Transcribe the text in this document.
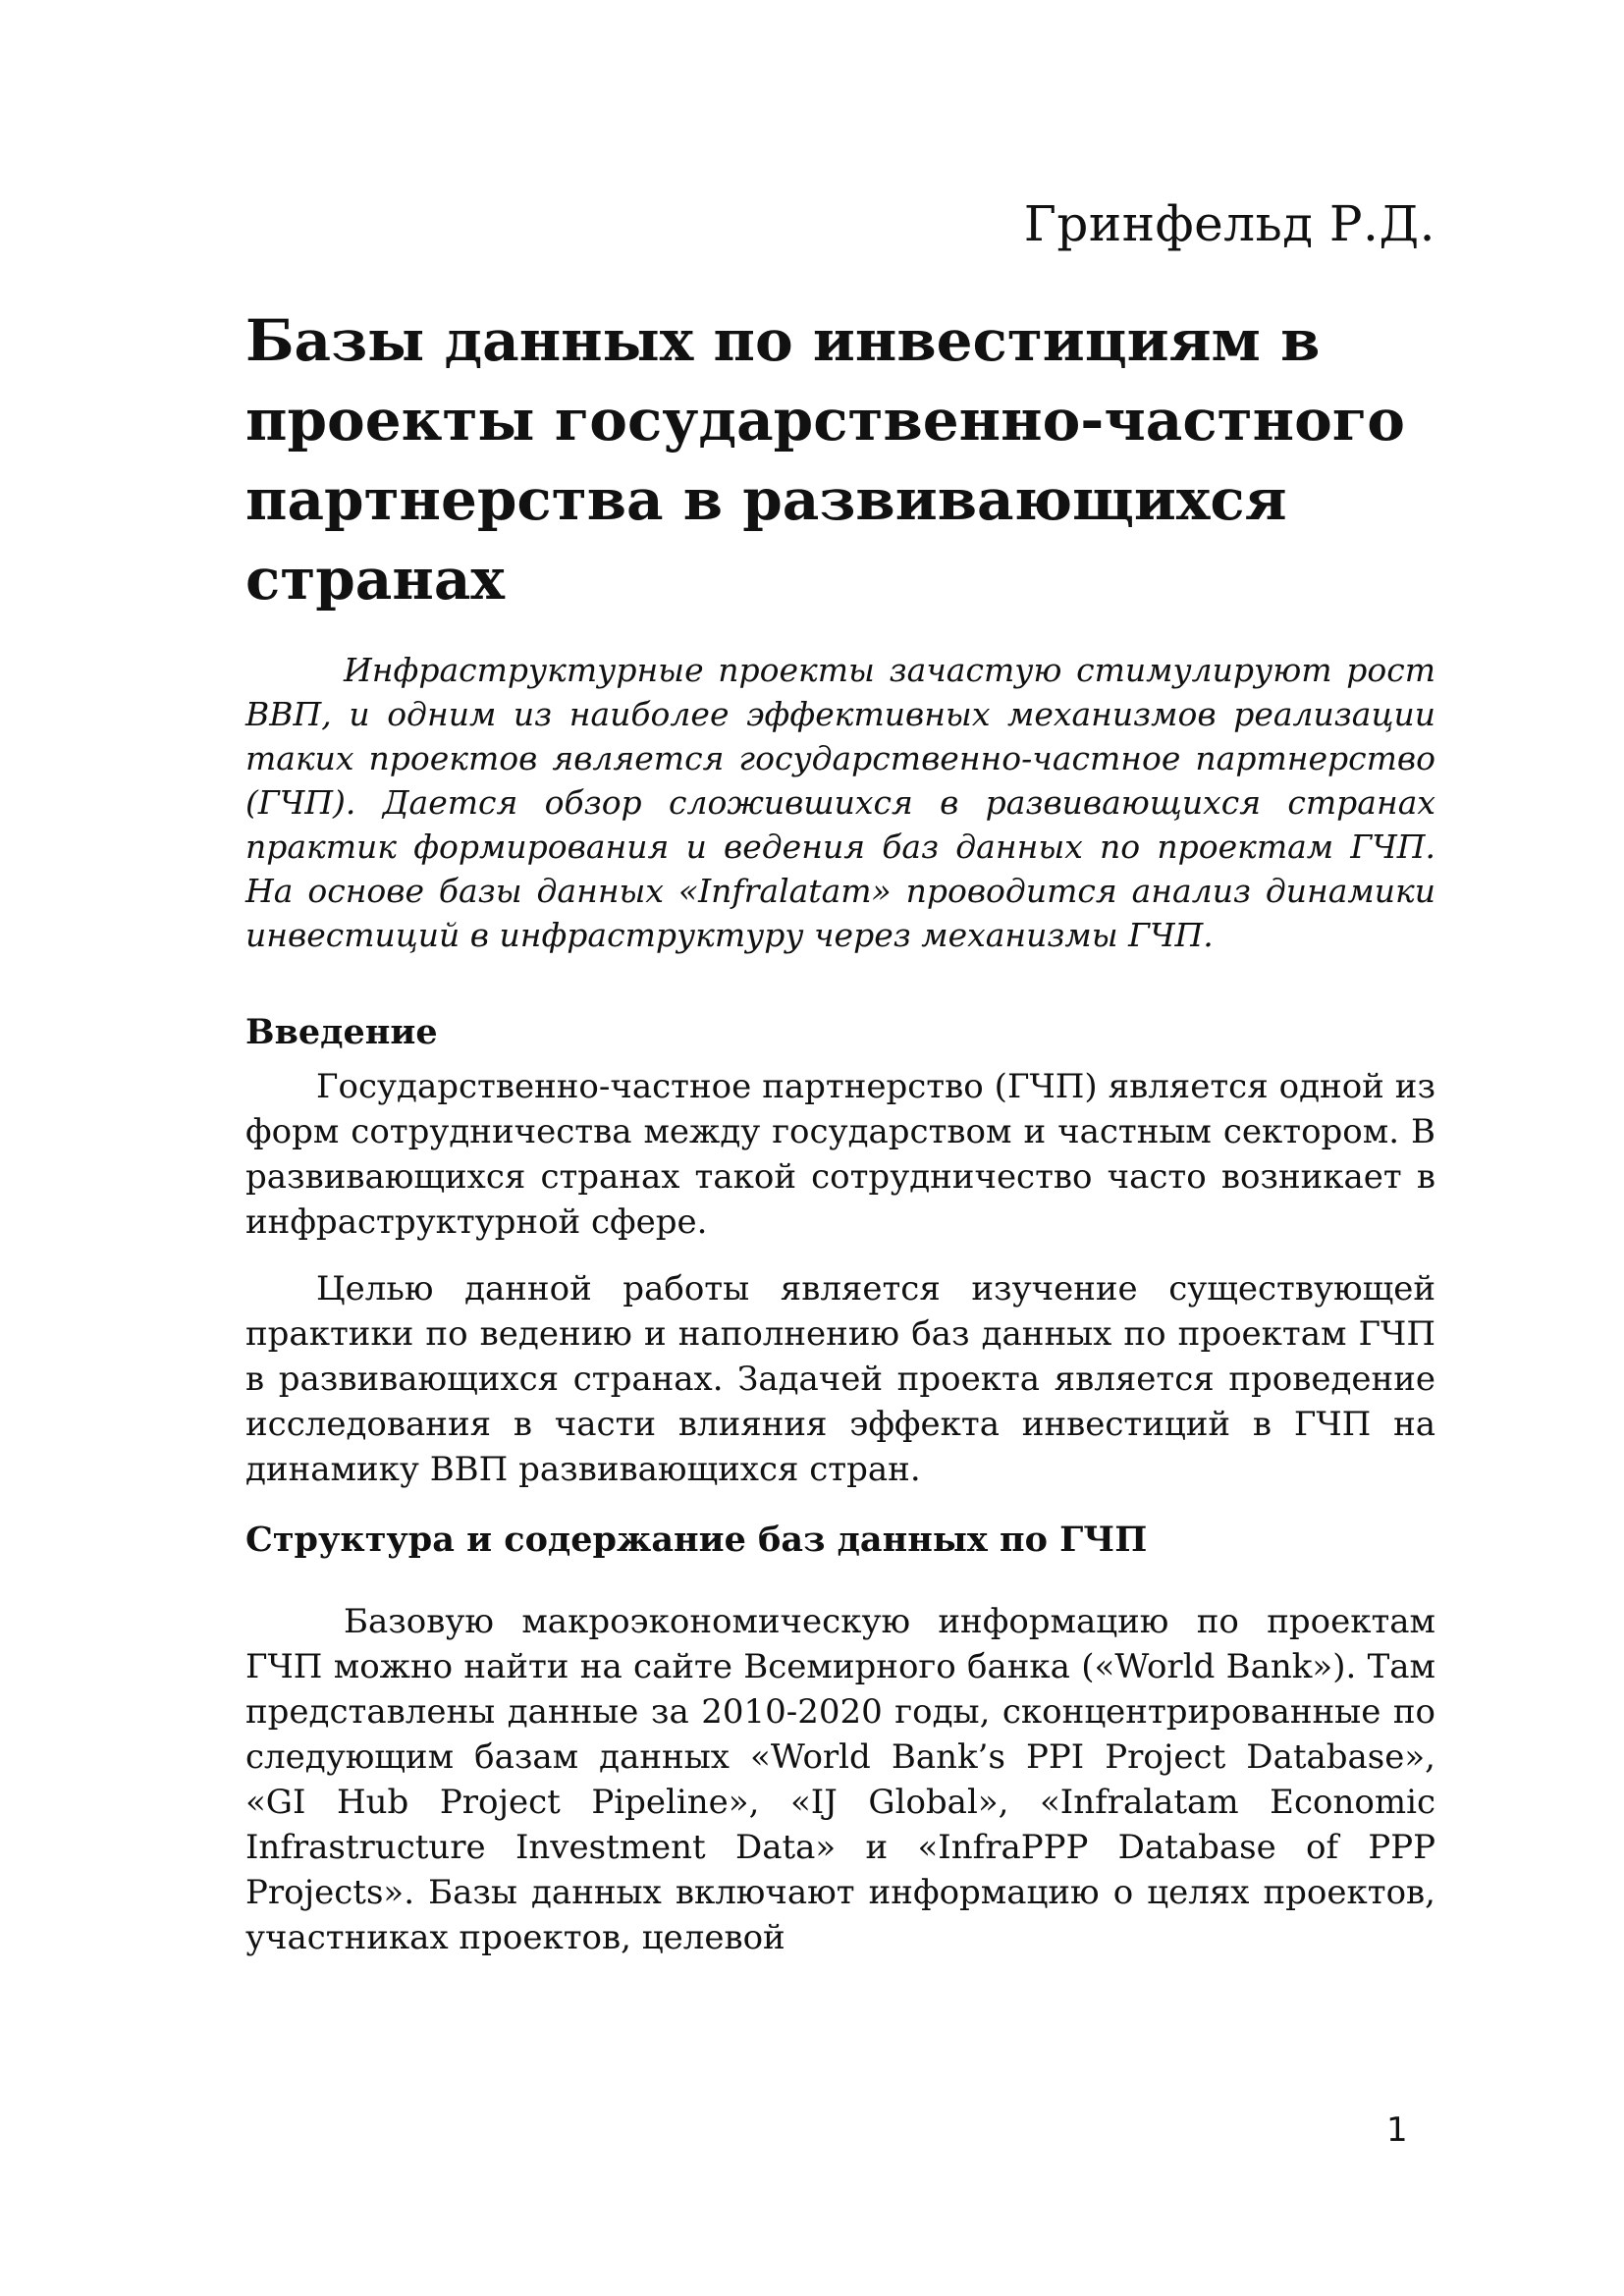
Гринфельд Р.Д.
Базы данных по инвестициям в проекты государственно-частного партнерства в развивающихся странах

Инфраструктурные проекты зачастую стимулируют рост ВВП, и одним из наиболее эффективных механизмов реализации таких проектов является государственно-частное партнерство (ГЧП). Дается обзор сложившихся в развивающихся странах практик формирования и ведения баз данных по проектам ГЧП. На основе базы данных «Infralatam» проводится анализ динамики инвестиций в инфраструктуру через механизмы ГЧП.

Введение

Государственно-частное партнерство (ГЧП) является одной из форм сотрудничества между государством и частным сектором. В развивающихся странах такой сотрудничество часто возникает в инфраструктурной сфере.

Целью данной работы является изучение существующей практики по ведению и наполнению баз данных по проектам ГЧП в развивающихся странах. Задачей проекта является проведение исследования в части влияния эффекта инвестиций в ГЧП на динамику ВВП развивающихся стран.

Структура и содержание баз данных по ГЧП

Базовую макроэкономическую информацию по проектам ГЧП можно найти на сайте Всемирного банка («World Bank»). Там представлены данные за 2010-2020 годы, сконцентрированные по следующим базам данных «World Bank’s PPI Project Database», «GI Hub Project Pipeline», «IJ Global», «Infralatam Economic Infrastructure Investment Data» и «InfraPPP Database of PPP Projects». Базы данных включают информацию о целях проектов, участниках проектов, целевой

1
